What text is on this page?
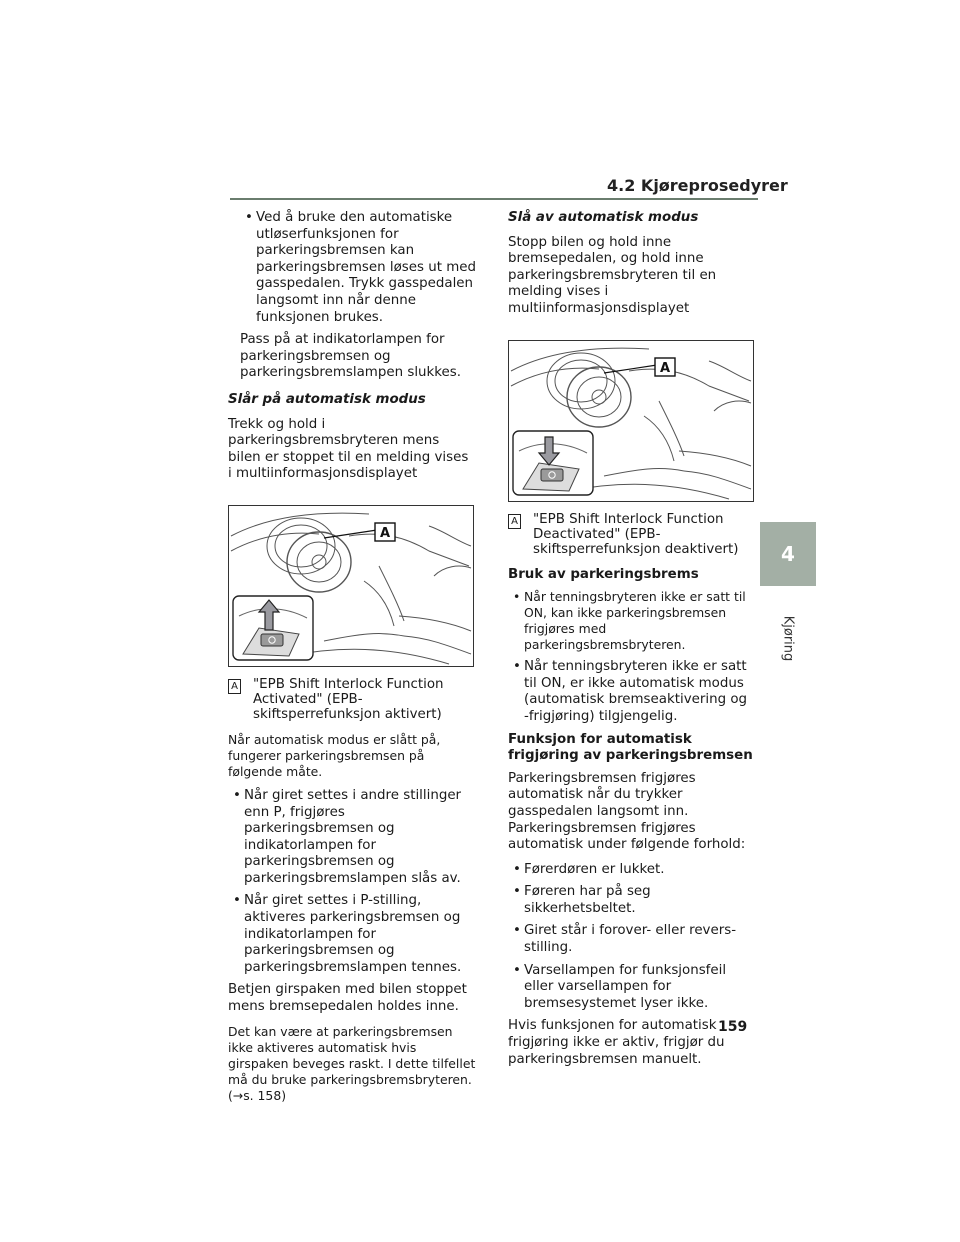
4.2 Kjøreprosedyrer
4
Kjøring
• Ved å bruke den automatiske utløserfunksjonen for parkeringsbremsen kan parkeringsbremsen løses ut med gasspedalen. Trykk gasspedalen langsomt inn når denne funksjonen brukes.

Pass på at indikatorlampen for parkeringsbremsen og parkeringsbremslampen slukkes.

Slår på automatisk modus

Trekk og hold i parkeringsbremsbryteren mens bilen er stoppet til en melding vises i multiinformasjonsdisplayet

A
A "EPB Shift Interlock Function Activated" (EPB-skiftsperrefunksjon aktivert)

Når automatisk modus er slått på, fungerer parkeringsbremsen på følgende måte.

• Når giret settes i andre stillinger enn P, frigjøres parkeringsbremsen og indikatorlampen for parkeringsbremsen og parkeringsbremslampen slås av.
• Når giret settes i P-stilling, aktiveres parkeringsbremsen og indikatorlampen for parkeringsbremsen og parkeringsbremslampen tennes.

Betjen girspaken med bilen stoppet mens bremsepedalen holdes inne.

Det kan være at parkeringsbremsen ikke aktiveres automatisk hvis girspaken beveges raskt. I dette tilfellet må du bruke parkeringsbremsbryteren. (→s. 158)

Slå av automatisk modus

Stopp bilen og hold inne bremsepedalen, og hold inne parkeringsbremsbryteren til en melding vises i multiinformasjonsdisplayet

A
A "EPB Shift Interlock Function Deactivated" (EPB-skiftsperrefunksjon deaktivert)
Bruk av parkeringsbrems
• Når tenningsbryteren ikke er satt til ON, kan ikke parkeringsbremsen frigjøres med parkeringsbremsbryteren.
• Når tenningsbryteren ikke er satt til ON, er ikke automatisk modus (automatisk bremseaktivering og -frigjøring) tilgjengelig.
Funksjon for automatisk frigjøring av parkeringsbremsen

Parkeringsbremsen frigjøres automatisk når du trykker gasspedalen langsomt inn. Parkeringsbremsen frigjøres automatisk under følgende forhold:

• Førerdøren er lukket.
• Føreren har på seg sikkerhetsbeltet.
• Giret står i forover- eller revers-stilling.
• Varsellampen for funksjonsfeil eller varsellampen for bremsesystemet lyser ikke.

Hvis funksjonen for automatisk frigjøring ikke er aktiv, frigjør du parkeringsbremsen manuelt.

159
